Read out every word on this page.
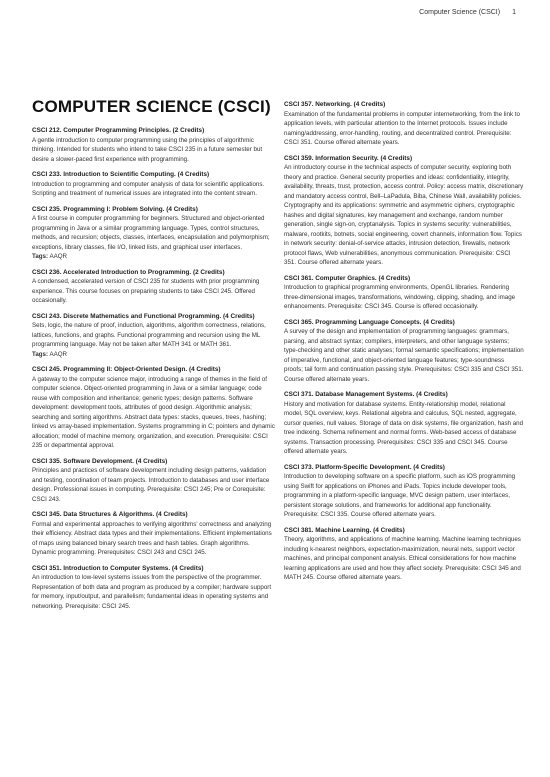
Computer Science (CSCI) 1
COMPUTER SCIENCE (CSCI)

CSCI 212. Computer Programming Principles. (2 Credits)

A gentle introduction to computer programming using the principles of algorithmic thinking. Intended for students who intend to take CSCI 235 in a future semester but desire a slower-paced first experience with programming.

CSCI 233. Introduction to Scientific Computing. (4 Credits)

Introduction to programming and computer analysis of data for scientific applications. Scripting and treatment of numerical issues are integrated into the content stream.

CSCI 235. Programming I: Problem Solving. (4 Credits)

A first course in computer programming for beginners. Structured and object-oriented programming in Java or a similar programming language. Types, control structures, methods, and recursion; objects, classes, interfaces, encapsulation and polymorphism; exceptions, library classes, file I/O, linked lists, and graphical user interfaces.

Tags: AAQR

CSCI 236. Accelerated Introduction to Programming. (2 Credits)

A condensed, accelerated version of CSCI 235 for students with prior programming experience. This course focuses on preparing students to take CSCI 245. Offered occasionally.

CSCI 243. Discrete Mathematics and Functional Programming. (4 Credits)

Sets, logic, the nature of proof, induction, algorithms, algorithm correctness, relations, lattices, functions, and graphs. Functional programming and recursion using the ML programming language. May not be taken after MATH 341 or MATH 361.

Tags: AAQR

CSCI 245. Programming II: Object-Oriented Design. (4 Credits)

A gateway to the computer science major, introducing a range of themes in the field of computer science. Object-oriented programming in Java or a similar language; code reuse with composition and inheritance; generic types; design patterns. Software development: development tools, attributes of good design. Algorithmic analysis; searching and sorting algorithms. Abstract data types: stacks, queues, trees, hashing; linked vs array-based implementation. Systems programming in C; pointers and dynamic allocation; model of machine memory, organization, and execution. Prerequisite: CSCI 235 or departmental approval.

CSCI 335. Software Development. (4 Credits)

Principles and practices of software development including design patterns, validation and testing, coordination of team projects. Introduction to databases and user interface design. Professional issues in computing. Prerequisite: CSCI 245; Pre or Corequisite: CSCI 243.

CSCI 345. Data Structures & Algorithms. (4 Credits)

Formal and experimental approaches to verifying algorithms' correctness and analyzing their efficiency. Abstract data types and their implementations. Efficient implementations of maps using balanced binary search trees and hash tables. Graph algorithms. Dynamic programming. Prerequisites: CSCI 243 and CSCI 245.

CSCI 351. Introduction to Computer Systems. (4 Credits)

An introduction to low-level systems issues from the perspective of the programmer. Representation of both data and program as produced by a compiler; hardware support for memory, input/output, and parallelism; fundamental ideas in operating systems and networking. Prerequisite: CSCI 245.

CSCI 357. Networking. (4 Credits)

Examination of the fundamental problems in computer internetworking, from the link to application levels, with particular attention to the Internet protocols. Issues include naming/addressing, error-handling, routing, and decentralized control. Prerequisite: CSCI 351. Course offered alternate years.

CSCI 359. Information Security. (4 Credits)

An introductory course in the technical aspects of computer security, exploring both theory and practice. General security properties and ideas: confidentiality, integrity, availability, threats, trust, protection, access control. Policy: access matrix, discretionary and mandatory access control, Bell–LaPadula, Biba, Chinese Wall, availability policies. Cryptography and its applications: symmetric and asymmetric ciphers, cryptographic hashes and digital signatures, key management and exchange, random number generation, single sign-on, cryptanalysis. Topics in systems security: vulnerabilities, malware, rootkits, botnets, social engineering, covert channels, information flow. Topics in network security: denial-of-service attacks, intrusion detection, firewalls, network protocol flaws, Web vulnerabilities, anonymous communication. Prerequisite: CSCI 351. Course offered alternate years.

CSCI 361. Computer Graphics. (4 Credits)

Introduction to graphical programming environments, OpenGL libraries. Rendering three-dimensional images, transformations, windowing, clipping, shading, and image enhancements. Prerequisite: CSCI 345. Course is offered occasionally.

CSCI 365. Programming Language Concepts. (4 Credits)

A survey of the design and implementation of programming languages: grammars, parsing, and abstract syntax; compilers, interpreters, and other language systems; type-checking and other static analyses; formal semantic specifications; implementation of imperative, functional, and object-oriented language features; type-soundness proofs; tail form and continuation passing style. Prerequisites: CSCI 335 and CSCI 351. Course offered alternate years.

CSCI 371. Database Management Systems. (4 Credits)

History and motivation for database systems. Entity-relationship model, relational model, SQL overview, keys. Relational algebra and calculus, SQL nested, aggregate, cursor queries, null values. Storage of data on disk systems, file organization, hash and tree indexing. Schema refinement and normal forms. Web-based access of database systems. Transaction processing. Prerequisites: CSCI 335 and CSCI 345. Course offered alternate years.

CSCI 373. Platform-Specific Development. (4 Credits)

Introduction to developing software on a specific platform, such as iOS programming using Swift for applications on iPhones and iPads. Topics include developer tools, programming in a platform-specific language, MVC design pattern, user interfaces, persistent storage solutions, and frameworks for additional app functionality. Prerequisite: CSCI 335. Course offered alternate years.

CSCI 381. Machine Learning. (4 Credits)

Theory, algorithms, and applications of machine learning. Machine learning techniques including k-nearest neighbors, expectation-maximization, neural nets, support vector machines, and principal component analysis. Ethical considerations for how machine learning applications are used and how they affect society. Prerequisite: CSCI 345 and MATH 245. Course offered alternate years.
